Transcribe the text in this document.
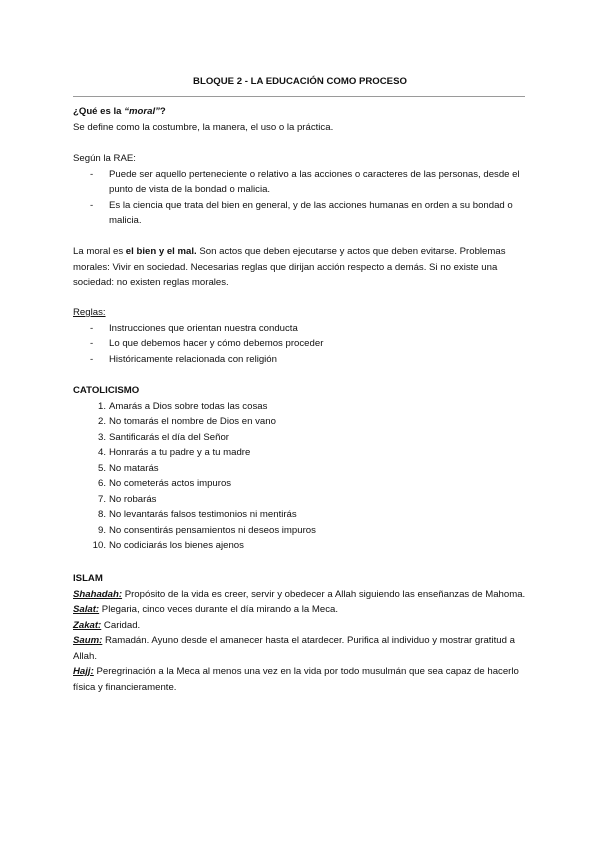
BLOQUE 2 - LA EDUCACIÓN COMO PROCESO

¿Qué es la “moral”?

Se define como la costumbre, la manera, el uso o la práctica.

Según la RAE:

- Puede ser aquello perteneciente o relativo a las acciones o caracteres de las personas, desde el punto de vista de la bondad o malicia.
- Es la ciencia que trata del bien en general, y de las acciones humanas en orden a su bondad o malicia.

La moral es el bien y el mal. Son actos que deben ejecutarse y actos que deben evitarse. Problemas morales: Vivir en sociedad. Necesarias reglas que dirijan acción respecto a demás. Si no existe una sociedad: no existen reglas morales.

Reglas:

- Instrucciones que orientan nuestra conducta
- Lo que debemos hacer y cómo debemos proceder
- Históricamente relacionada con religión

CATOLICISMO

1. Amarás a Dios sobre todas las cosas
2. No tomarás el nombre de Dios en vano
3. Santificarás el día del Señor
4. Honrarás a tu padre y a tu madre
5. No matarás
6. No cometerás actos impuros
7. No robarás
8. No levantarás falsos testimonios ni mentirás
9. No consentirás pensamientos ni deseos impuros
10. No codiciarás los bienes ajenos

ISLAM

Shahadah: Propósito de la vida es creer, servir y obedecer a Allah siguiendo las enseñanzas de Mahoma.

Salat: Plegaria, cinco veces durante el día mirando a la Meca.

Zakat: Caridad.

Saum: Ramadán. Ayuno desde el amanecer hasta el atardecer. Purifica al individuo y mostrar gratitud a Allah.

Hajj: Peregrinación a la Meca al menos una vez en la vida por todo musulmán que sea capaz de hacerlo física y financieramente.
